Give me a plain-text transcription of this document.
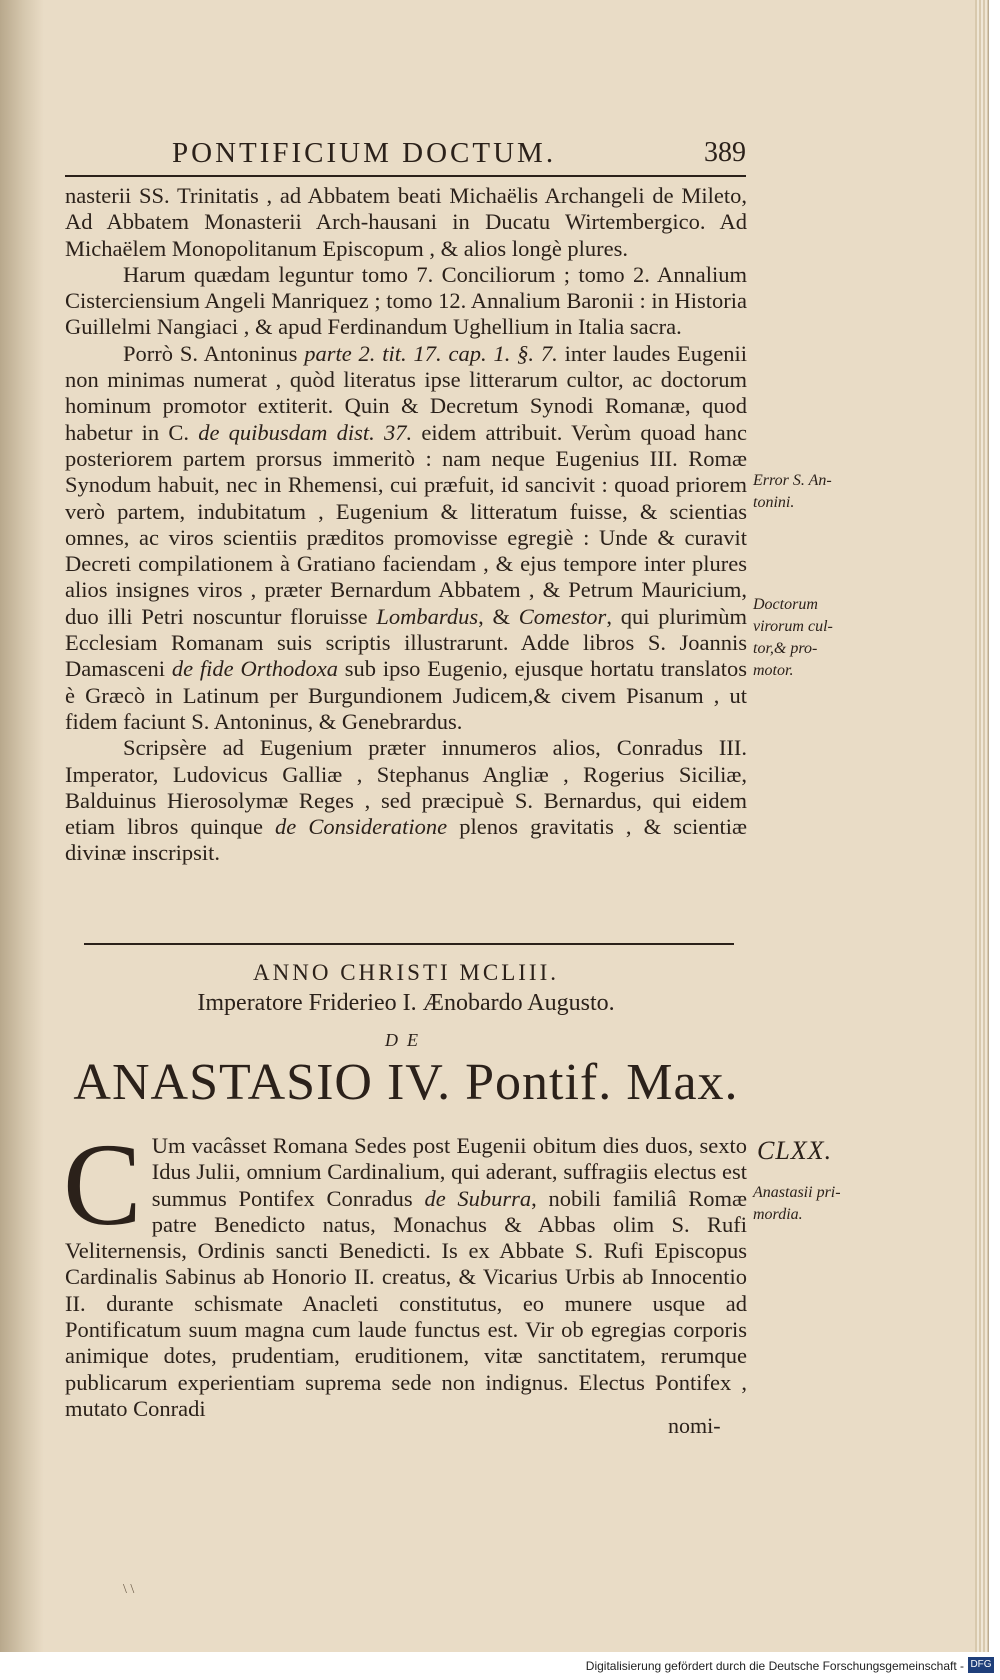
PONTIFICIUM DOCTUM.	389

nasterii SS. Trinitatis , ad Abbatem beati Michaëlis Archangeli de Mileto, Ad Abbatem Monasterii Arch-hausani in Ducatu Wirtembergico. Ad Michaëlem Monopolitanum Episcopum , & alios longè plures.

Harum quædam leguntur tomo 7. Conciliorum ; tomo 2. Annalium Cisterciensium Angeli Manriquez ; tomo 12. Annalium Baronii : in Historia Guillelmi Nangiaci , & apud Ferdinandum Ughellium in Italia sacra.

Porrò S. Antoninus parte 2. tit. 17. cap. 1. §. 7. inter laudes Eugenii non minimas numerat , quòd literatus ipse litterarum cultor, ac doctorum hominum promotor extiterit. Quin & Decretum Synodi Romanæ, quod habetur in C. de quibusdam dist. 37. eidem attribuit. Verùm quoad hanc posteriorem partem prorsus immeritò : nam neque Eugenius III. Romæ Synodum habuit, nec in Rhemensi, cui præfuit, id sancivit : quoad priorem verò partem, indubitatum , Eugenium & litteratum fuisse, & scientias omnes, ac viros scientiis præditos promovisse egregiè : Unde & curavit Decreti compilationem à Gratiano faciendam , & ejus tempore inter plures alios insignes viros , præter Bernardum Abbatem , & Petrum Mauricium, duo illi Petri noscuntur floruisse Lombardus, & Comestor, qui plurimùm Ecclesiam Romanam suis scriptis illustrarunt. Adde libros S. Joannis Damasceni de fide Orthodoxa sub ipso Eugenio, ejusque hortatu translatos è Græcò in Latinum per Burgundionem Judicem,& civem Pisanum , ut fidem faciunt S. Antoninus, & Genebrardus.

Scripsère ad Eugenium præter innumeros alios, Conradus III. Imperator, Ludovicus Galliæ , Stephanus Angliæ , Rogerius Siciliæ, Balduinus Hierosolymæ Reges , sed præcipuè S. Bernardus, qui eidem etiam libros quinque de Consideratione plenos gravitatis , & scientiæ divinæ inscripsit.

Error S. An-
tonini.
Doctorum
virorum cul-
tor,& pro-
motor.
ANNO CHRISTI MCLIII.
Imperatore Friderieo I. Ænobardo Augusto.
DE
ANASTASIO IV. Pontif. Max.
CLXX.
Anastasii pri-
mordia.

C Um vacâsset Romana Sedes post Eugenii obitum dies duos, sexto Idus Julii, omnium Cardinalium, qui aderant, suffragiis electus est summus Pontifex Conradus de Suburra, nobili familiâ Romæ patre Benedicto natus, Monachus & Abbas olim S. Rufi Veliternensis, Ordinis sancti Benedicti. Is ex Abbate S. Rufi Episcopus Cardinalis Sabinus ab Honorio II. creatus, & Vicarius Urbis ab Innocentio II. durante schismate Anacleti constitutus, eo munere usque ad Pontificatum suum magna cum laude functus est. Vir ob egregias corporis animique dotes, prudentiam, eruditionem, vitæ sanctitatem, rerumque publicarum experientiam suprema sede non indignus. Electus Pontifex , mutato Conradi

nomi-
\ \
Digitalisierung gefördert durch die Deutsche Forschungsgemeinschaft - DFG
